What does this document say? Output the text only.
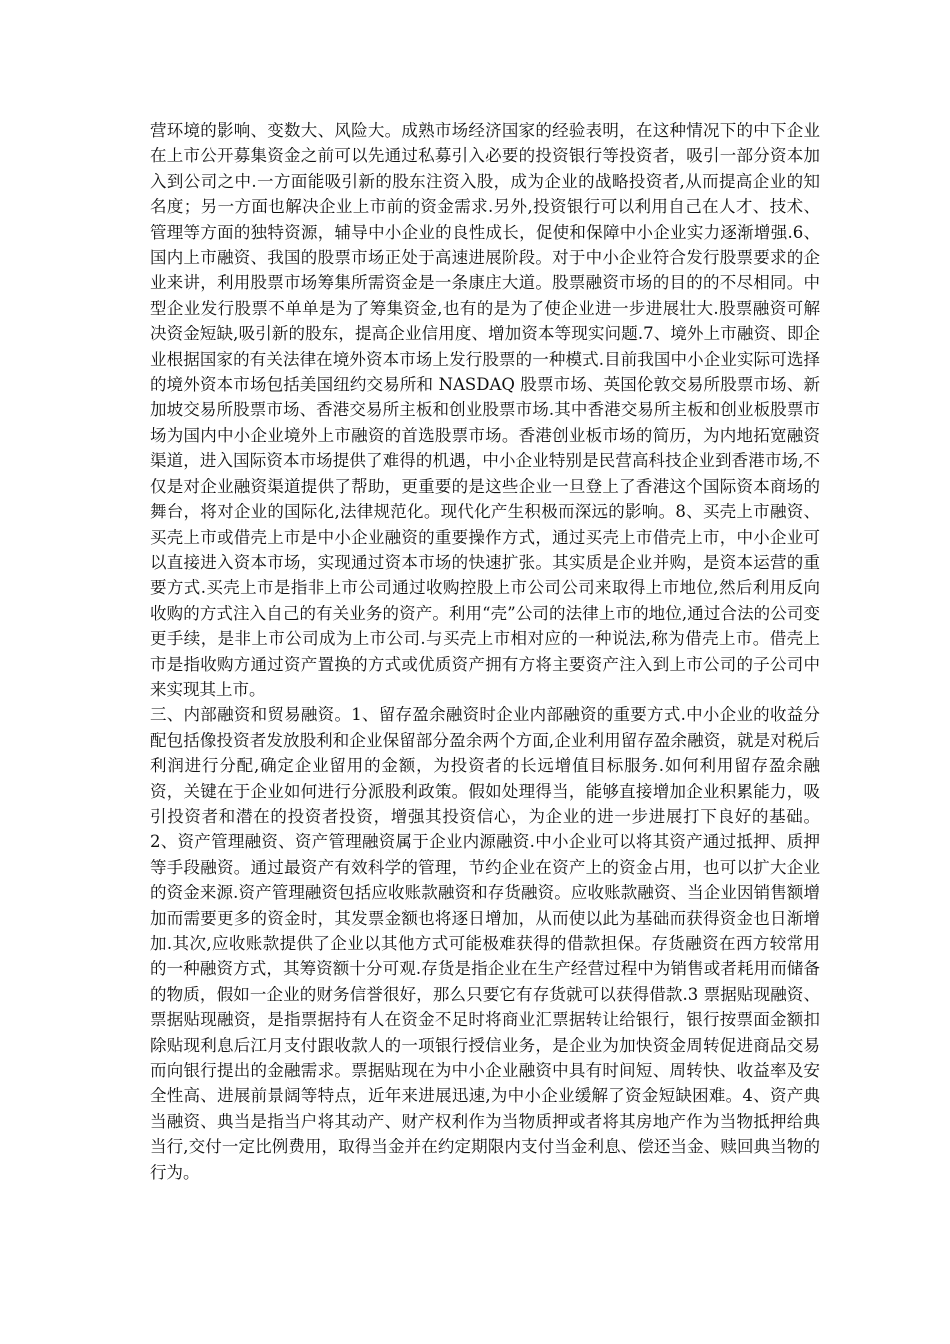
营环境的影响、变数大、风险大。成熟市场经济国家的经验表明，在这种情况下的中下企业在上市公开募集资金之前可以先通过私募引入必要的投资银行等投资者，吸引一部分资本加入到公司之中.一方面能吸引新的股东注资入股，成为企业的战略投资者,从而提高企业的知名度；另一方面也解决企业上市前的资金需求.另外,投资银行可以利用自己在人才、技术、管理等方面的独特资源，辅导中小企业的良性成长，促使和保障中小企业实力逐渐增强.6、国内上市融资、我国的股票市场正处于高速进展阶段。对于中小企业符合发行股票要求的企业来讲，利用股票市场筹集所需资金是一条康庄大道。股票融资市场的目的的不尽相同。中型企业发行股票不单单是为了筹集资金,也有的是为了使企业进一步进展壮大.股票融资可解决资金短缺,吸引新的股东，提高企业信用度、增加资本等现实问题.7、境外上市融资、即企业根据国家的有关法律在境外资本市场上发行股票的一种模式.目前我国中小企业实际可选择的境外资本市场包括美国纽约交易所和 NASDAQ 股票市场、英国伦敦交易所股票市场、新加坡交易所股票市场、香港交易所主板和创业股票市场.其中香港交易所主板和创业板股票市场为国内中小企业境外上市融资的首选股票市场。香港创业板市场的简历，为内地拓宽融资渠道，进入国际资本市场提供了难得的机遇，中小企业特别是民营高科技企业到香港市场,不仅是对企业融资渠道提供了帮助，更重要的是这些企业一旦登上了香港这个国际资本商场的舞台，将对企业的国际化,法律规范化。现代化产生积极而深远的影响。8、买壳上市融资、买壳上市或借壳上市是中小企业融资的重要操作方式，通过买壳上市借壳上市，中小企业可以直接进入资本市场，实现通过资本市场的快速扩张。其实质是企业并购，是资本运营的重要方式.买壳上市是指非上市公司通过收购控股上市公司公司来取得上市地位,然后利用反向收购的方式注入自己的有关业务的资产。利用“壳”公司的法律上市的地位,通过合法的公司变更手续，是非上市公司成为上市公司.与买壳上市相对应的一种说法,称为借壳上市。借壳上市是指收购方通过资产置换的方式或优质资产拥有方将主要资产注入到上市公司的子公司中来实现其上市。

三、内部融资和贸易融资。1、留存盈余融资时企业内部融资的重要方式.中小企业的收益分配包括像投资者发放股利和企业保留部分盈余两个方面,企业利用留存盈余融资，就是对税后利润进行分配,确定企业留用的金额，为投资者的长远增值目标服务.如何利用留存盈余融资，关键在于企业如何进行分派股利政策。假如处理得当，能够直接增加企业积累能力，吸引投资者和潜在的投资者投资，增强其投资信心，为企业的进一步进展打下良好的基础。2、资产管理融资、资产管理融资属于企业内源融资.中小企业可以将其资产通过抵押、质押等手段融资。通过最资产有效科学的管理，节约企业在资产上的资金占用，也可以扩大企业的资金来源.资产管理融资包括应收账款融资和存货融资。应收账款融资、当企业因销售额增加而需要更多的资金时，其发票金额也将逐日增加，从而使以此为基础而获得资金也日渐增加.其次,应收账款提供了企业以其他方式可能极难获得的借款担保。存货融资在西方较常用的一种融资方式，其筹资额十分可观.存货是指企业在生产经营过程中为销售或者耗用而储备的物质，假如一企业的财务信誉很好，那么只要它有存货就可以获得借款.3 票据贴现融资、票据贴现融资，是指票据持有人在资金不足时将商业汇票据转让给银行，银行按票面金额扣除贴现利息后江月支付跟收款人的一项银行授信业务，是企业为加快资金周转促进商品交易而向银行提出的金融需求。票据贴现在为中小企业融资中具有时间短、周转快、收益率及安全性高、进展前景阔等特点，近年来进展迅速,为中小企业缓解了资金短缺困难。4、资产典当融资、典当是指当户将其动产、财产权利作为当物质押或者将其房地产作为当物抵押给典当行,交付一定比例费用，取得当金并在约定期限内支付当金利息、偿还当金、赎回典当物的行为。
